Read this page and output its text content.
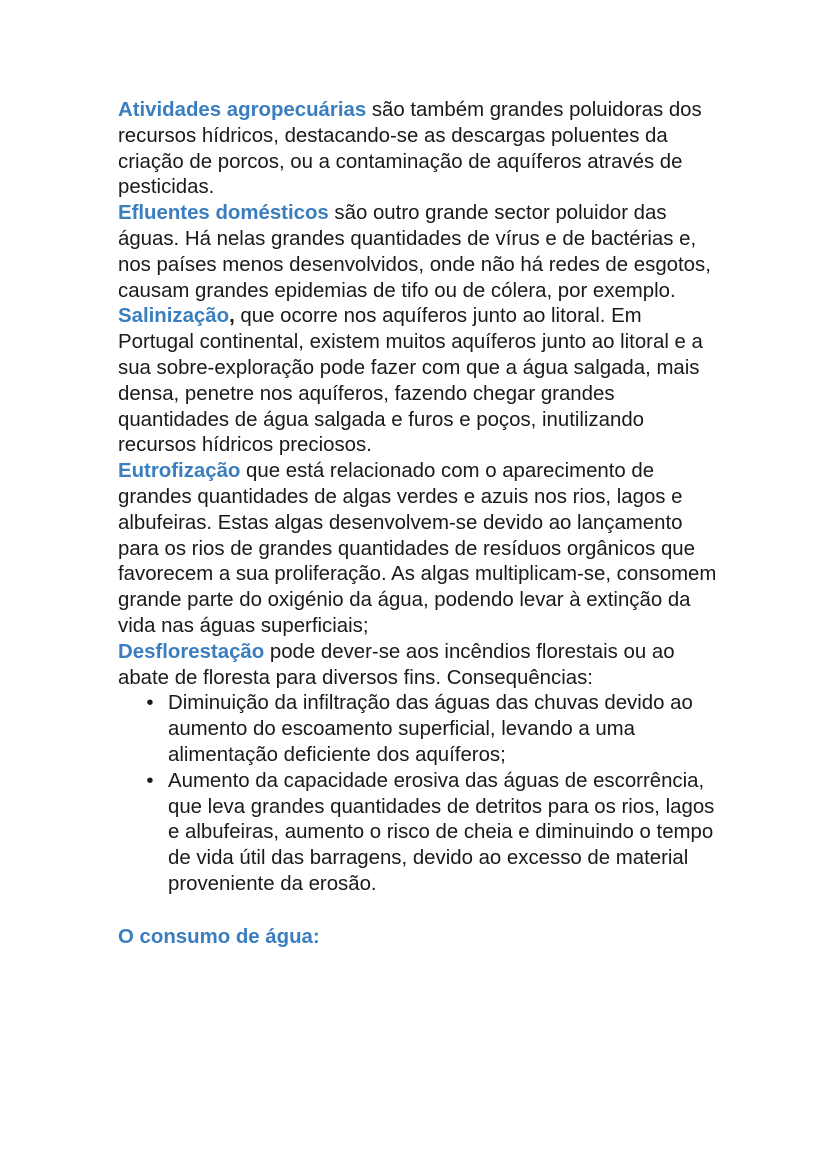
Atividades agropecuárias são também grandes poluidoras dos recursos hídricos, destacando-se as descargas poluentes da criação de porcos, ou a contaminação de aquíferos através de pesticidas.

Efluentes domésticos são outro grande sector poluidor das águas. Há nelas grandes quantidades de vírus e de bactérias e, nos países menos desenvolvidos, onde não há redes de esgotos, causam grandes epidemias de tifo ou de cólera, por exemplo.

Salinização, que ocorre nos aquíferos junto ao litoral. Em Portugal continental, existem muitos aquíferos junto ao litoral e a sua sobre-exploração pode fazer com que a água salgada, mais densa, penetre nos aquíferos, fazendo chegar grandes quantidades de água salgada e furos e poços, inutilizando recursos hídricos preciosos.

Eutrofização que está relacionado com o aparecimento de grandes quantidades de algas verdes e azuis nos rios, lagos e albufeiras. Estas algas desenvolvem-se devido ao lançamento para os rios de grandes quantidades de resíduos orgânicos que favorecem a sua proliferação. As algas multiplicam-se, consomem grande parte do oxigénio da água, podendo levar à extinção da vida nas águas superficiais;

Desflorestação pode dever-se aos incêndios florestais ou ao abate de floresta para diversos fins. Consequências:

• Diminuição da infiltração das águas das chuvas devido ao aumento do escoamento superficial, levando a uma alimentação deficiente dos aquíferos;
• Aumento da capacidade erosiva das águas de escorrência, que leva grandes quantidades de detritos para os rios, lagos e albufeiras, aumento o risco de cheia e diminuindo o tempo de vida útil das barragens, devido ao excesso de material proveniente da erosão.
O consumo de água:
